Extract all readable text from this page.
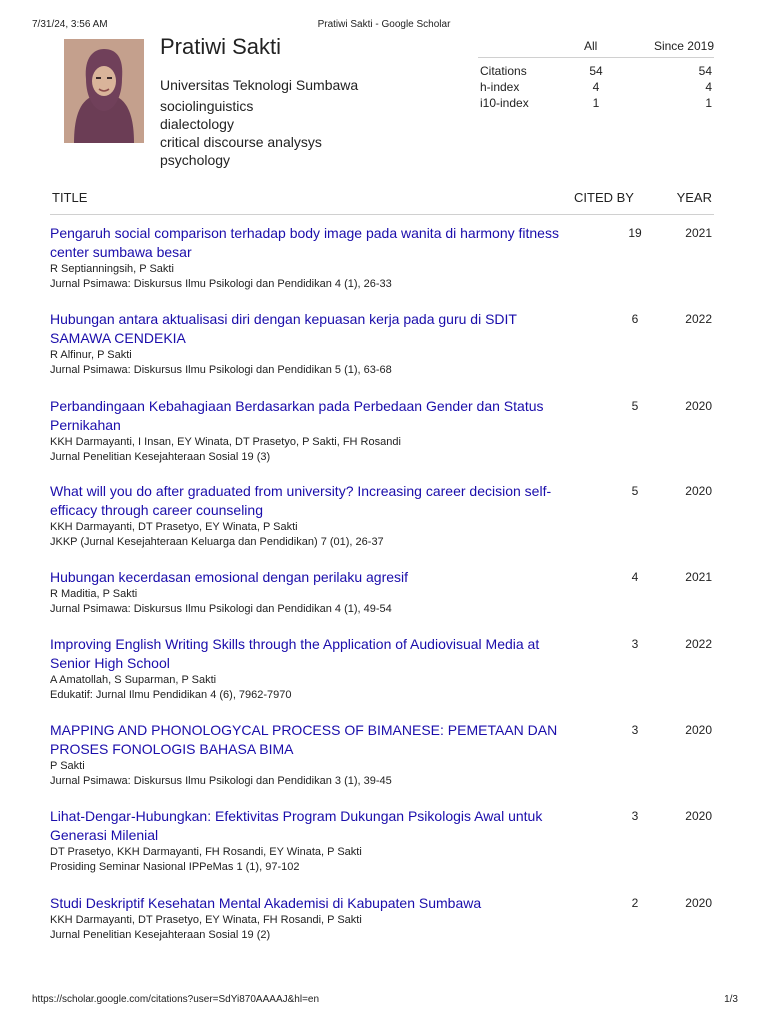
7/31/24, 3:56 AM	Pratiwi Sakti - Google Scholar
Pratiwi Sakti
Universitas Teknologi Sumbawa
sociolinguistics
dialectology
critical discourse analysys
psychology
All	Since 2019
Citations	54	54
h-index	4	4
i10-index	1	1
TITLE	CITED BY	YEAR
Pengaruh social comparison terhadap body image pada wanita di harmony fitness center sumbawa besar
R Septianningsih, P Sakti
Jurnal Psimawa: Diskursus Ilmu Psikologi dan Pendidikan 4 (1), 26-33
19	2021
Hubungan antara aktualisasi diri dengan kepuasan kerja pada guru di SDIT SAMAWA CENDEKIA
R Alfinur, P Sakti
Jurnal Psimawa: Diskursus Ilmu Psikologi dan Pendidikan 5 (1), 63-68
6	2022
Perbandingaan Kebahagiaan Berdasarkan pada Perbedaan Gender dan Status Pernikahan
KKH Darmayanti, I Insan, EY Winata, DT Prasetyo, P Sakti, FH Rosandi
Jurnal Penelitian Kesejahteraan Sosial 19 (3)
5	2020
What will you do after graduated from university? Increasing career decision self-efficacy through career counseling
KKH Darmayanti, DT Prasetyo, EY Winata, P Sakti
JKKP (Jurnal Kesejahteraan Keluarga dan Pendidikan) 7 (01), 26-37
5	2020
Hubungan kecerdasan emosional dengan perilaku agresif
R Maditia, P Sakti
Jurnal Psimawa: Diskursus Ilmu Psikologi dan Pendidikan 4 (1), 49-54
4	2021
Improving English Writing Skills through the Application of Audiovisual Media at Senior High School
A Amatollah, S Suparman, P Sakti
Edukatif: Jurnal Ilmu Pendidikan 4 (6), 7962-7970
3	2022
MAPPING AND PHONOLOGYCAL PROCESS OF BIMANESE: PEMETAAN DAN PROSES FONOLOGIS BAHASA BIMA
P Sakti
Jurnal Psimawa: Diskursus Ilmu Psikologi dan Pendidikan 3 (1), 39-45
3	2020
Lihat-Dengar-Hubungkan: Efektivitas Program Dukungan Psikologis Awal untuk Generasi Milenial
DT Prasetyo, KKH Darmayanti, FH Rosandi, EY Winata, P Sakti
Prosiding Seminar Nasional IPPeMas 1 (1), 97-102
3	2020
Studi Deskriptif Kesehatan Mental Akademisi di Kabupaten Sumbawa
KKH Darmayanti, DT Prasetyo, EY Winata, FH Rosandi, P Sakti
Jurnal Penelitian Kesejahteraan Sosial 19 (2)
2	2020
https://scholar.google.com/citations?user=SdYi870AAAAJ&hl=en	1/3
